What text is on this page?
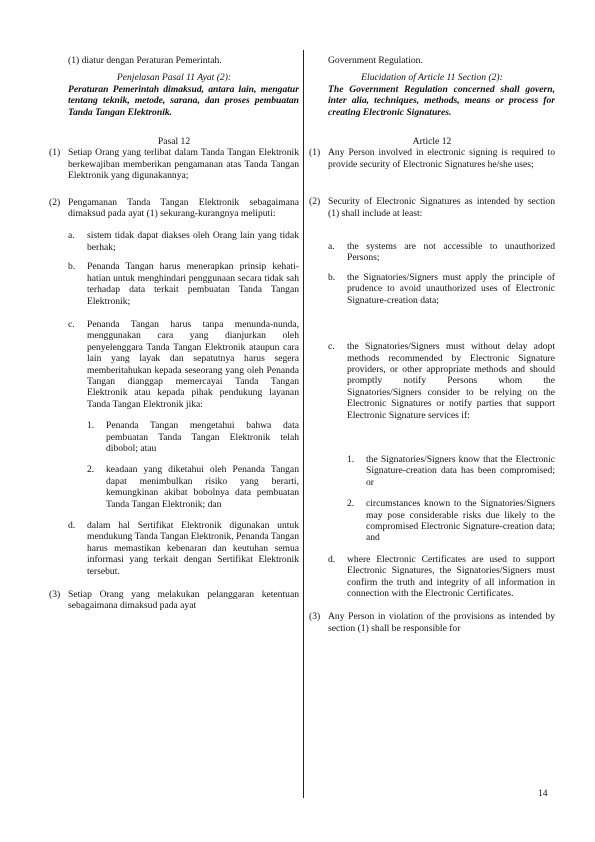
(1) diatur dengan Peraturan Pemerintah.

Penjelasan Pasal 11 Ayat (2):

Peraturan Pemerintah dimaksud, antara lain, mengatur tentang teknik, metode, sarana, dan proses pembuatan Tanda Tangan Elektronik.

Pasal 12

(1) Setiap Orang yang terlibat dalam Tanda Tangan Elektronik berkewajiban memberikan pengamanan atas Tanda Tangan Elektronik yang digunakannya;
(2) Pengamanan Tanda Tangan Elektronik sebagaimana dimaksud pada ayat (1) sekurang-kurangnya meliputi:
a.	sistem tidak dapat diakses oleh Orang lain yang tidak berhak;
b.	Penanda Tangan harus menerapkan prinsip kehati-hatian untuk menghindari penggunaan secara tidak sah terhadap data terkait pembuatan Tanda Tangan Elektronik;
c.	Penanda Tangan harus tanpa menunda-nunda, menggunakan cara yang dianjurkan oleh penyelenggara Tanda Tangan Elektronik ataupun cara lain yang layak dan sepatutnya harus segera memberitahukan kepada seseorang yang oleh Penanda Tangan dianggap memercayai Tanda Tangan Elektronik atau kepada pihak pendukung layanan Tanda Tangan Elektronik jika:
1.	Penanda Tangan mengetahui bahwa data pembuatan Tanda Tangan Elektronik telah dibobol; atau
2.	keadaan yang diketahui oleh Penanda Tangan dapat menimbulkan risiko yang berarti, kemungkinan akibat bobolnya data pembuatan Tanda Tangan Elektronik; dan
d.	dalam hal Sertifikat Elektronik digunakan untuk mendukung Tanda Tangan Elektronik, Penanda Tangan harus memastikan kebenaran dan keutuhan semua informasi yang terkait dengan Sertifikat Elektronik tersebut.
(3) Setiap Orang yang melakukan pelanggaran ketentuan sebagaimana dimaksud pada ayat

Government Regulation.

Elucidation of Article 11 Section (2):

The Government Regulation concerned shall govern, inter alia, techniques, methods, means or process for creating Electronic Signatures.

Article 12

(1) Any Person involved in electronic signing is required to provide security of Electronic Signatures he/she uses;
(2) Security of Electronic Signatures as intended by section (1) shall include at least:
a.	the systems are not accessible to unauthorized Persons;
b.	the Signatories/Signers must apply the principle of prudence to avoid unauthorized uses of Electronic Signature-creation data;
c.	the Signatories/Signers must without delay adopt methods recommended by Electronic Signature providers, or other appropriate methods and should promptly notify Persons whom the Signatories/Signers consider to be relying on the Electronic Signatures or notify parties that support Electronic Signature services if:
1.	the Signatories/Signers know that the Electronic Signature-creation data has been compromised; or
2.	circumstances known to the Signatories/Signers may pose considerable risks due likely to the compromised Electronic Signature-creation data; and
d.	where Electronic Certificates are used to support Electronic Signatures, the Signatories/Signers must confirm the truth and integrity of all information in connection with the Electronic Certificates.
(3) Any Person in violation of the provisions as intended by section (1) shall be responsible for
14
